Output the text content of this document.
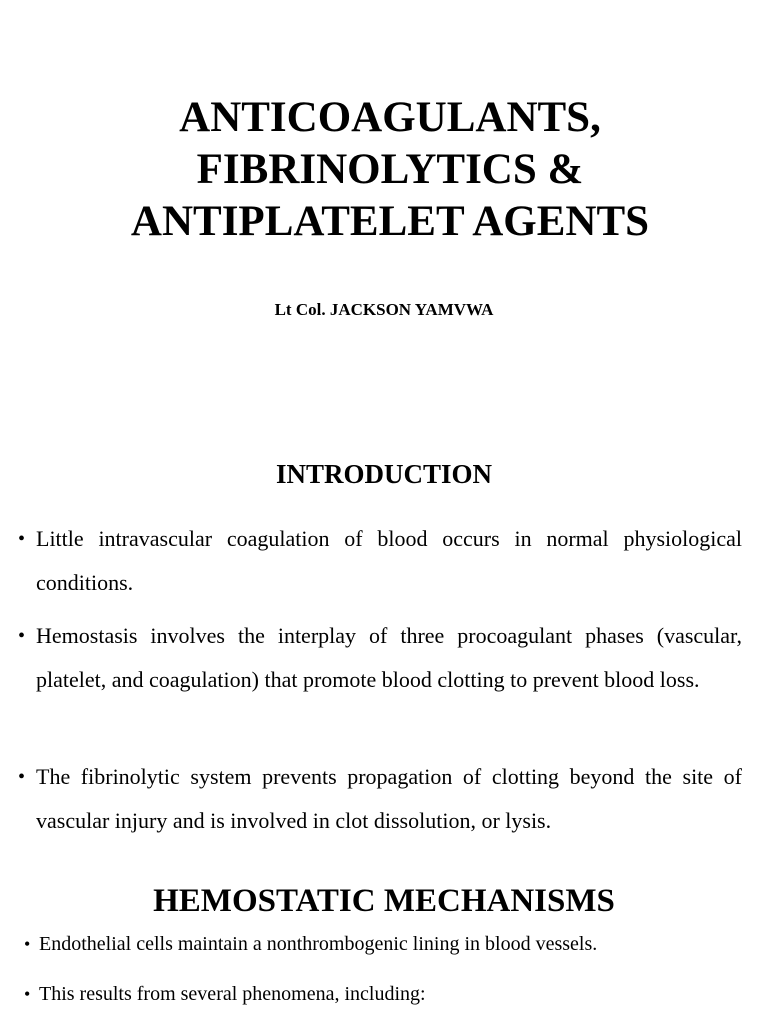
ANTICOAGULANTS,
FIBRINOLYTICS &
ANTIPLATELET AGENTS
Lt Col. JACKSON YAMVWA
INTRODUCTION
• Little intravascular coagulation of blood occurs in normal physiological conditions.

• Hemostasis involves the interplay of three procoagulant phases (vascular, platelet, and coagulation) that promote blood clotting to prevent blood loss.

• The fibrinolytic system prevents propagation of clotting beyond the site of vascular injury and is involved in clot dissolution, or lysis.

HEMOSTATIC MECHANISMS
• Endothelial cells maintain a nonthrombogenic lining in blood vessels.

• This results from several phenomena, including:
